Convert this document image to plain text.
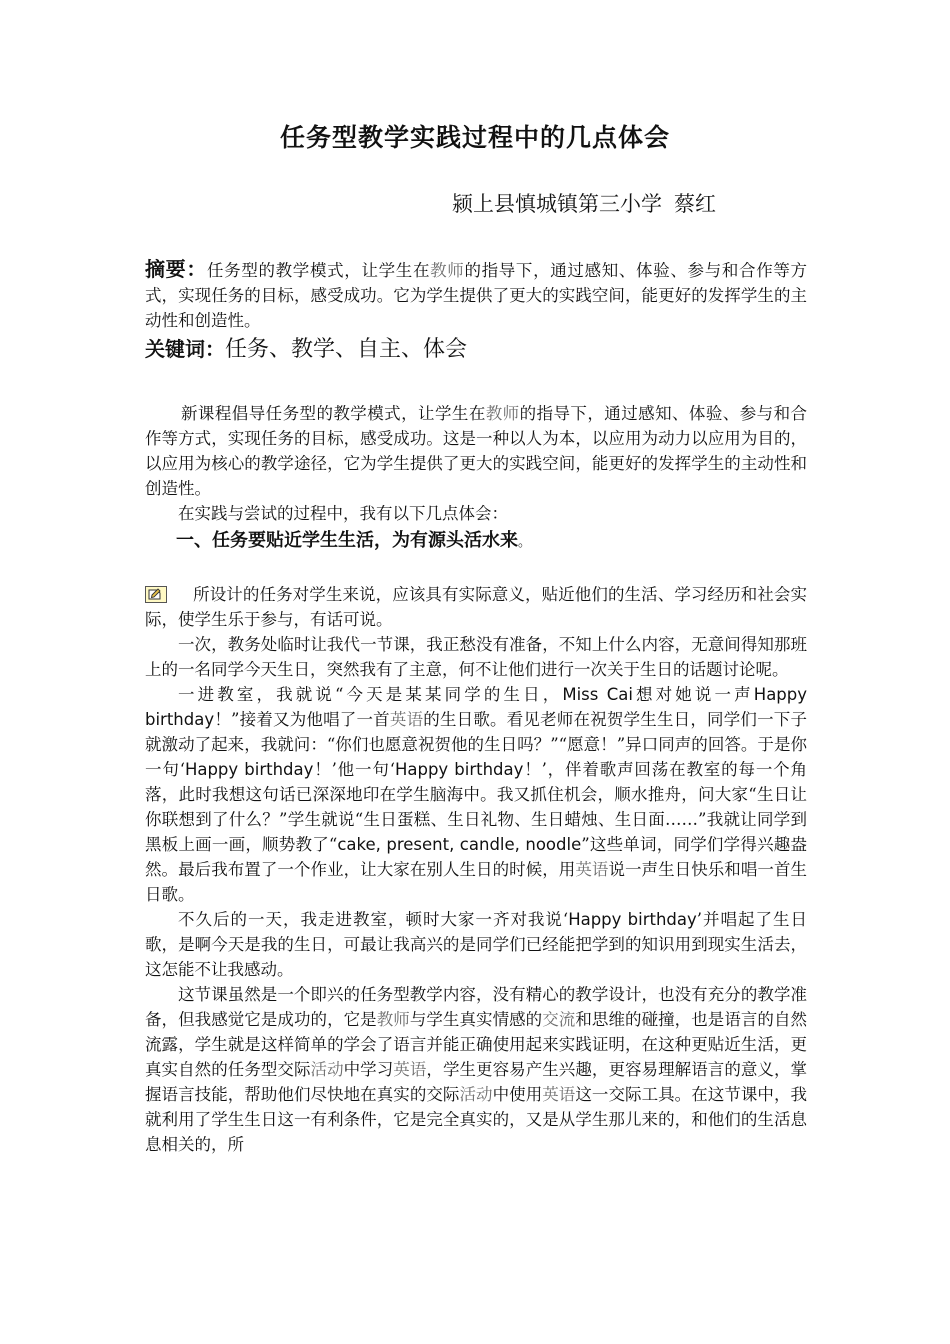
任务型教学实践过程中的几点体会
颍上县慎城镇第三小学 蔡红
摘要：任务型的教学模式，让学生在教师的指导下，通过感知、体验、参与和合作等方式，实现任务的目标，感受成功。它为学生提供了更大的实践空间，能更好的发挥学生的主动性和创造性。
关键词：任务、教学、自主、体会

新课程倡导任务型的教学模式，让学生在教师的指导下，通过感知、体验、参与和合作等方式，实现任务的目标，感受成功。这是一种以人为本，以应用为动力以应用为目的，以应用为核心的教学途径，它为学生提供了更大的实践空间，能更好的发挥学生的主动性和创造性。

在实践与尝试的过程中，我有以下几点体会：

一、任务要贴近学生生活，为有源头活水来。

所设计的任务对学生来说，应该具有实际意义，贴近他们的生活、学习经历和社会实际，使学生乐于参与，有话可说。

一次，教务处临时让我代一节课，我正愁没有准备，不知上什么内容，无意间得知那班上的一名同学今天生日，突然我有了主意，何不让他们进行一次关于生日的话题讨论呢。

一进教室，我就说“今天是某某同学的生日，Miss Cai想对她说一声Happy birthday！”接着又为他唱了一首英语的生日歌。看见老师在祝贺学生生日，同学们一下子就激动了起来，我就问：“你们也愿意祝贺他的生日吗？”“愿意！”异口同声的回答。于是你一句‘Happy birthday！’他一句‘Happy birthday！’，伴着歌声回荡在教室的每一个角落，此时我想这句话已深深地印在学生脑海中。我又抓住机会，顺水推舟，问大家“生日让你联想到了什么？”学生就说“生日蛋糕、生日礼物、生日蜡烛、生日面……”我就让同学到黑板上画一画，顺势教了“cake, present, candle, noodle”这些单词，同学们学得兴趣盎然。最后我布置了一个作业，让大家在别人生日的时候，用英语说一声生日快乐和唱一首生日歌。

不久后的一天，我走进教室，顿时大家一齐对我说‘Happy birthday’并唱起了生日歌，是啊今天是我的生日，可最让我高兴的是同学们已经能把学到的知识用到现实生活去，这怎能不让我感动。

这节课虽然是一个即兴的任务型教学内容，没有精心的教学设计，也没有充分的教学准备，但我感觉它是成功的，它是教师与学生真实情感的交流和思维的碰撞，也是语言的自然流露，学生就是这样简单的学会了语言并能正确使用起来实践证明，在这种更贴近生活，更真实自然的任务型交际活动中学习英语，学生更容易产生兴趣，更容易理解语言的意义，掌握语言技能，帮助他们尽快地在真实的交际活动中使用英语这一交际工具。在这节课中，我就利用了学生生日这一有利条件，它是完全真实的，又是从学生那儿来的，和他们的生活息息相关的，所
